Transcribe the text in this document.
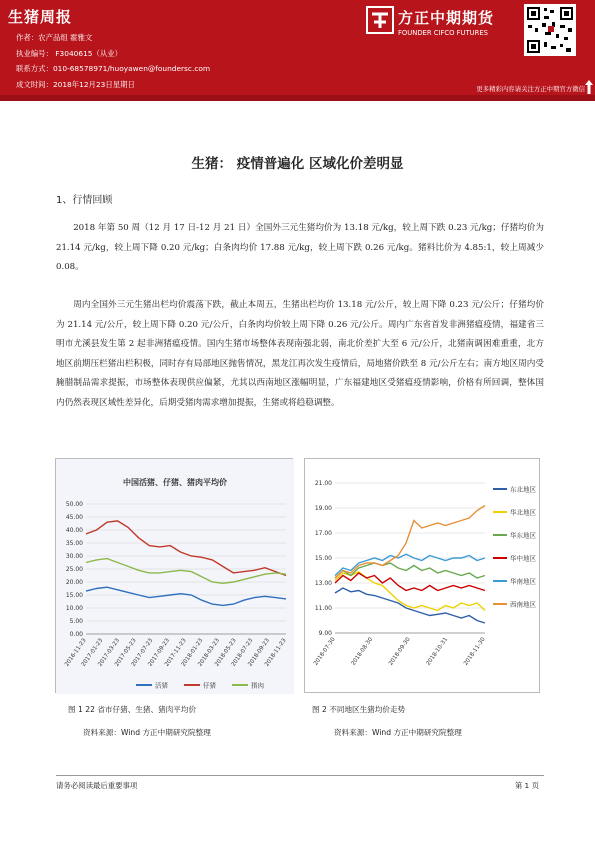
生猪周报
作者：农产品组 霍雅文
执业编号： F3040615（从业）
联系方式：010-68578971/huoyawen@foundersc.com
成文时间：2018年12月23日星期日
方正中期期货
FOUNDER CIFCO FUTURES
更多精彩内容请关注方正中期官方微信
生猪： 疫情普遍化 区域化价差明显
1、行情回顾

2018 年第 50 周（12 月 17 日-12 月 21 日）全国外三元生猪均价为 13.18 元/kg，较上周下跌 0.23 元/kg；仔猪均价为 21.14 元/kg，较上周下降 0.20 元/kg；白条肉均价 17.88 元/kg，较上周下跌 0.26 元/kg。猪料比价为 4.85:1，较上周减少 0.08。

周内全国外三元生猪出栏均价震荡下跌，截止本周五，生猪出栏均价 13.18 元/公斤，较上周下降 0.23 元/公斤；仔猪均价为 21.14 元/公斤，较上周下降 0.20 元/公斤，白条肉均价较上周下降 0.26 元/公斤。周内广东省首发非洲猪瘟疫情，福建省三明市尤溪县发生第 2 起非洲猪瘟疫情。国内生猪市场整体表现南强北弱，南北价差扩大至 6 元/公斤，北猪南调困难重重，北方地区前期压栏猪出栏积极，同时存有局部地区抛售情况，黑龙江再次发生疫情后，局地猪价跌至 8 元/公斤左右；南方地区周内受腌腊制品需求提振，市场整体表现供应偏紧，尤其以西南地区涨幅明显，广东福建地区受猪瘟疫情影响，价格有所回调，整体国内仍然表现区域性差异化，后期受猪肉需求增加提振，生猪或将趋稳调整。

中国活猪、仔猪、猪肉平均价
0.00
5.00
10.00
15.00
20.00
25.00
30.00
35.00
40.00
45.00
50.00
2016-11-23
2017-01-23
2017-03-23
2017-05-23
2017-07-23
2017-09-23
2017-11-23
2018-01-23
2018-03-23
2018-05-23
2018-07-23
2018-09-23
2018-11-23
活猪	仔猪	猪肉
9.00
11.00
13.00
15.00
17.00
19.00
21.00
2018-07-30 2018-08-30 2018-09-30 2018-10-31 2018-11-30
东北地区
华北地区
华东地区
华中地区
华南地区
西南地区
图 1 22 省市仔猪、生猪、猪肉平均价	图 2 不同地区生猪均价走势
资料来源：Wind 方正中期研究院整理	资料来源：Wind 方正中期研究院整理
请务必阅读最后重要事项	第 1 页
